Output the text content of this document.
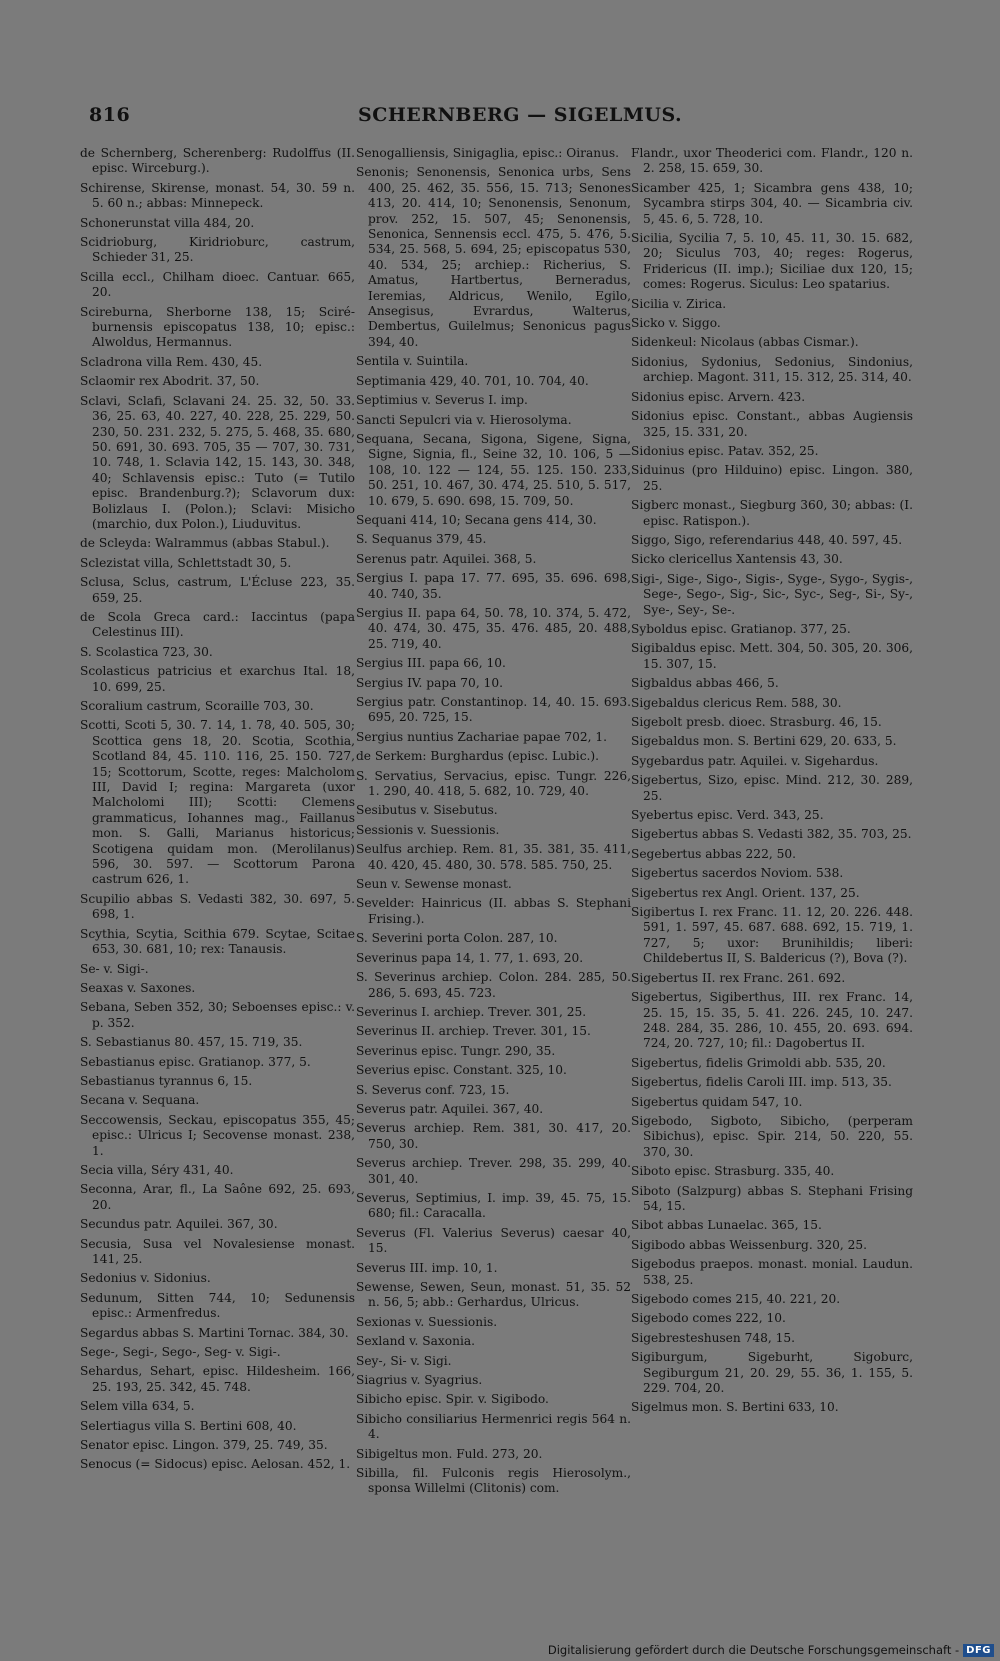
816	SCHERNBERG — SIGELMUS.

de Schernberg, Scherenberg: Rudolffus (II. episc. Wirceburg.).

Schirense, Skirense, monast. 54, 30. 59 n. 5. 60 n.; abbas: Minnepeck.

Schonerunstat villa 484, 20.

Scidrioburg, Kiridrioburc, castrum, Schieder 31, 25.

Scilla eccl., Chilham dioec. Cantuar. 665, 20.

Scireburna, Sherborne 138, 15; Sciré-burnensis episcopatus 138, 10; episc.: Alwoldus, Hermannus.

Scladrona villa Rem. 430, 45.

Sclaomir rex Abodrit. 37, 50.

Sclavi, Sclafi, Sclavani 24. 25. 32, 50. 33. 36, 25. 63, 40. 227, 40. 228, 25. 229, 50. 230, 50. 231. 232, 5. 275, 5. 468, 35. 680, 50. 691, 30. 693. 705, 35 — 707, 30. 731, 10. 748, 1. Sclavia 142, 15. 143, 30. 348, 40; Schlavensis episc.: Tuto (= Tutilo episc. Brandenburg.?); Sclavorum dux: Bolizlaus I. (Polon.); Sclavi: Misicho (marchio, dux Polon.), Liuduvitus.

de Scleyda: Walrammus (abbas Stabul.).

Sclezistat villa, Schlettstadt 30, 5.

Sclusa, Sclus, castrum, L'Écluse 223, 35. 659, 25.

de Scola Greca card.: Iaccintus (papa Celestinus III).

S. Scolastica 723, 30.

Scolasticus patricius et exarchus Ital. 18, 10. 699, 25.

Scoralium castrum, Scoraille 703, 30.

Scotti, Scoti 5, 30. 7. 14, 1. 78, 40. 505, 30; Scottica gens 18, 20. Scotia, Scothia, Scotland 84, 45. 110. 116, 25. 150. 727, 15; Scottorum, Scotte, reges: Malcholom III, David I; regina: Margareta (uxor Malcholomi III); Scotti: Clemens grammaticus, Iohannes mag., Faillanus mon. S. Galli, Marianus historicus; Scotigena quidam mon. (Merolilanus) 596, 30. 597. — Scottorum Parona castrum 626, 1.

Scupilio abbas S. Vedasti 382, 30. 697, 5. 698, 1.

Scythia, Scytia, Scithia 679. Scytae, Scitae 653, 30. 681, 10; rex: Tanausis.

Se- v. Sigi-.

Seaxas v. Saxones.

Sebana, Seben 352, 30; Seboenses episc.: v. p. 352.

S. Sebastianus 80. 457, 15. 719, 35.

Sebastianus episc. Gratianop. 377, 5.

Sebastianus tyrannus 6, 15.

Secana v. Sequana.

Seccowensis, Seckau, episcopatus 355, 45; episc.: Ulricus I; Secovense monast. 238, 1.

Secia villa, Séry 431, 40.

Seconna, Arar, fl., La Saône 692, 25. 693, 20.

Secundus patr. Aquilei. 367, 30.

Secusia, Susa vel Novalesiense monast. 141, 25.

Sedonius v. Sidonius.

Sedunum, Sitten 744, 10; Sedunensis episc.: Armenfredus.

Segardus abbas S. Martini Tornac. 384, 30.

Sege-, Segi-, Sego-, Seg- v. Sigi-.

Sehardus, Sehart, episc. Hildesheim. 166, 25. 193, 25. 342, 45. 748.

Selem villa 634, 5.

Selertiagus villa S. Bertini 608, 40.

Senator episc. Lingon. 379, 25. 749, 35.

Senocus (= Sidocus) episc. Aelosan. 452, 1.

Senogalliensis, Sinigaglia, episc.: Oiranus.

Senonis; Senonensis, Senonica urbs, Sens 400, 25. 462, 35. 556, 15. 713; Senones 413, 20. 414, 10; Senonensis, Senonum, prov. 252, 15. 507, 45; Senonensis, Senonica, Sennensis eccl. 475, 5. 476, 5. 534, 25. 568, 5. 694, 25; episcopatus 530, 40. 534, 25; archiep.: Richerius, S. Amatus, Hartbertus, Berneradus, Ieremias, Aldricus, Wenilo, Egilo, Ansegisus, Evrardus, Walterus, Dembertus, Guilelmus; Senonicus pagus 394, 40.

Sentila v. Suintila.

Septimania 429, 40. 701, 10. 704, 40.

Septimius v. Severus I. imp.

Sancti Sepulcri via v. Hierosolyma.

Sequana, Secana, Sigona, Sigene, Signa, Signe, Signia, fl., Seine 32, 10. 106, 5 — 108, 10. 122 — 124, 55. 125. 150. 233, 50. 251, 10. 467, 30. 474, 25. 510, 5. 517, 10. 679, 5. 690. 698, 15. 709, 50.

Sequani 414, 10; Secana gens 414, 30.

S. Sequanus 379, 45.

Serenus patr. Aquilei. 368, 5.

Sergius I. papa 17. 77. 695, 35. 696. 698, 40. 740, 35.

Sergius II. papa 64, 50. 78, 10. 374, 5. 472, 40. 474, 30. 475, 35. 476. 485, 20. 488, 25. 719, 40.

Sergius III. papa 66, 10.

Sergius IV. papa 70, 10.

Sergius patr. Constantinop. 14, 40. 15. 693. 695, 20. 725, 15.

Sergius nuntius Zachariae papae 702, 1.

de Serkem: Burghardus (episc. Lubic.).

S. Servatius, Servacius, episc. Tungr. 226, 1. 290, 40. 418, 5. 682, 10. 729, 40.

Sesibutus v. Sisebutus.

Sessionis v. Suessionis.

Seulfus archiep. Rem. 81, 35. 381, 35. 411, 40. 420, 45. 480, 30. 578. 585. 750, 25.

Seun v. Sewense monast.

Sevelder: Hainricus (II. abbas S. Stephani Frising.).

S. Severini porta Colon. 287, 10.

Severinus papa 14, 1. 77, 1. 693, 20.

S. Severinus archiep. Colon. 284. 285, 50. 286, 5. 693, 45. 723.

Severinus I. archiep. Trever. 301, 25.

Severinus II. archiep. Trever. 301, 15.

Severinus episc. Tungr. 290, 35.

Severius episc. Constant. 325, 10.

S. Severus conf. 723, 15.

Severus patr. Aquilei. 367, 40.

Severus archiep. Rem. 381, 30. 417, 20. 750, 30.

Severus archiep. Trever. 298, 35. 299, 40. 301, 40.

Severus, Septimius, I. imp. 39, 45. 75, 15. 680; fil.: Caracalla.

Severus (Fl. Valerius Severus) caesar 40, 15.

Severus III. imp. 10, 1.

Sewense, Sewen, Seun, monast. 51, 35. 52 n. 56, 5; abb.: Gerhardus, Ulricus.

Sexionas v. Suessionis.

Sexland v. Saxonia.

Sey-, Si- v. Sigi.

Siagrius v. Syagrius.

Sibicho episc. Spir. v. Sigibodo.

Sibicho consiliarius Hermenrici regis 564 n. 4.

Sibigeltus mon. Fuld. 273, 20.

Sibilla, fil. Fulconis regis Hierosolym., sponsa Willelmi (Clitonis) com.

Flandr., uxor Theoderici com. Flandr., 120 n. 2. 258, 15. 659, 30.

Sicamber 425, 1; Sicambra gens 438, 10; Sycambra stirps 304, 40. — Sicambria civ. 5, 45. 6, 5. 728, 10.

Sicilia, Sycilia 7, 5. 10, 45. 11, 30. 15. 682, 20; Siculus 703, 40; reges: Rogerus, Fridericus (II. imp.); Siciliae dux 120, 15; comes: Rogerus. Siculus: Leo spatarius.

Sicilia v. Zirica.

Sicko v. Siggo.

Sidenkeul: Nicolaus (abbas Cismar.).

Sidonius, Sydonius, Sedonius, Sindonius, archiep. Magont. 311, 15. 312, 25. 314, 40.

Sidonius episc. Arvern. 423.

Sidonius episc. Constant., abbas Augiensis 325, 15. 331, 20.

Sidonius episc. Patav. 352, 25.

Siduinus (pro Hilduino) episc. Lingon. 380, 25.

Sigberc monast., Siegburg 360, 30; abbas: (I. episc. Ratispon.).

Siggo, Sigo, referendarius 448, 40. 597, 45.

Sicko clericellus Xantensis 43, 30.

Sigi-, Sige-, Sigo-, Sigis-, Syge-, Sygo-, Sygis-, Sege-, Sego-, Sig-, Sic-, Syc-, Seg-, Si-, Sy-, Sye-, Sey-, Se-.

Syboldus episc. Gratianop. 377, 25.

Sigibaldus episc. Mett. 304, 50. 305, 20. 306, 15. 307, 15.

Sigbaldus abbas 466, 5.

Sigebaldus clericus Rem. 588, 30.

Sigebolt presb. dioec. Strasburg. 46, 15.

Sigebaldus mon. S. Bertini 629, 20. 633, 5.

Sygebardus patr. Aquilei. v. Sigehardus.

Sigebertus, Sizo, episc. Mind. 212, 30. 289, 25.

Syebertus episc. Verd. 343, 25.

Sigebertus abbas S. Vedasti 382, 35. 703, 25.

Segebertus abbas 222, 50.

Sigebertus sacerdos Noviom. 538.

Sigebertus rex Angl. Orient. 137, 25.

Sigibertus I. rex Franc. 11. 12, 20. 226. 448. 591, 1. 597, 45. 687. 688. 692, 15. 719, 1. 727, 5; uxor: Brunihildis; liberi: Childebertus II, S. Baldericus (?), Bova (?).

Sigebertus II. rex Franc. 261. 692.

Sigebertus, Sigiberthus, III. rex Franc. 14, 25. 15, 15. 35, 5. 41. 226. 245, 10. 247. 248. 284, 35. 286, 10. 455, 20. 693. 694. 724, 20. 727, 10; fil.: Dagobertus II.

Sigebertus, fidelis Grimoldi abb. 535, 20.

Sigebertus, fidelis Caroli III. imp. 513, 35.

Sigebertus quidam 547, 10.

Sigebodo, Sigboto, Sibicho, (perperam Sibichus), episc. Spir. 214, 50. 220, 55. 370, 30.

Siboto episc. Strasburg. 335, 40.

Siboto (Salzpurg) abbas S. Stephani Frising 54, 15.

Sibot abbas Lunaelac. 365, 15.

Sigibodo abbas Weissenburg. 320, 25.

Sigebodus praepos. monast. monial. Laudun. 538, 25.

Sigebodo comes 215, 40. 221, 20.

Sigebodo comes 222, 10.

Sigebresteshusen 748, 15.

Sigiburgum, Sigeburht, Sigoburc, Segiburgum 21, 20. 29, 55. 36, 1. 155, 5. 229. 704, 20.

Sigelmus mon. S. Bertini 633, 10.

Digitalisierung gefördert durch die Deutsche Forschungsgemeinschaft - DFG
